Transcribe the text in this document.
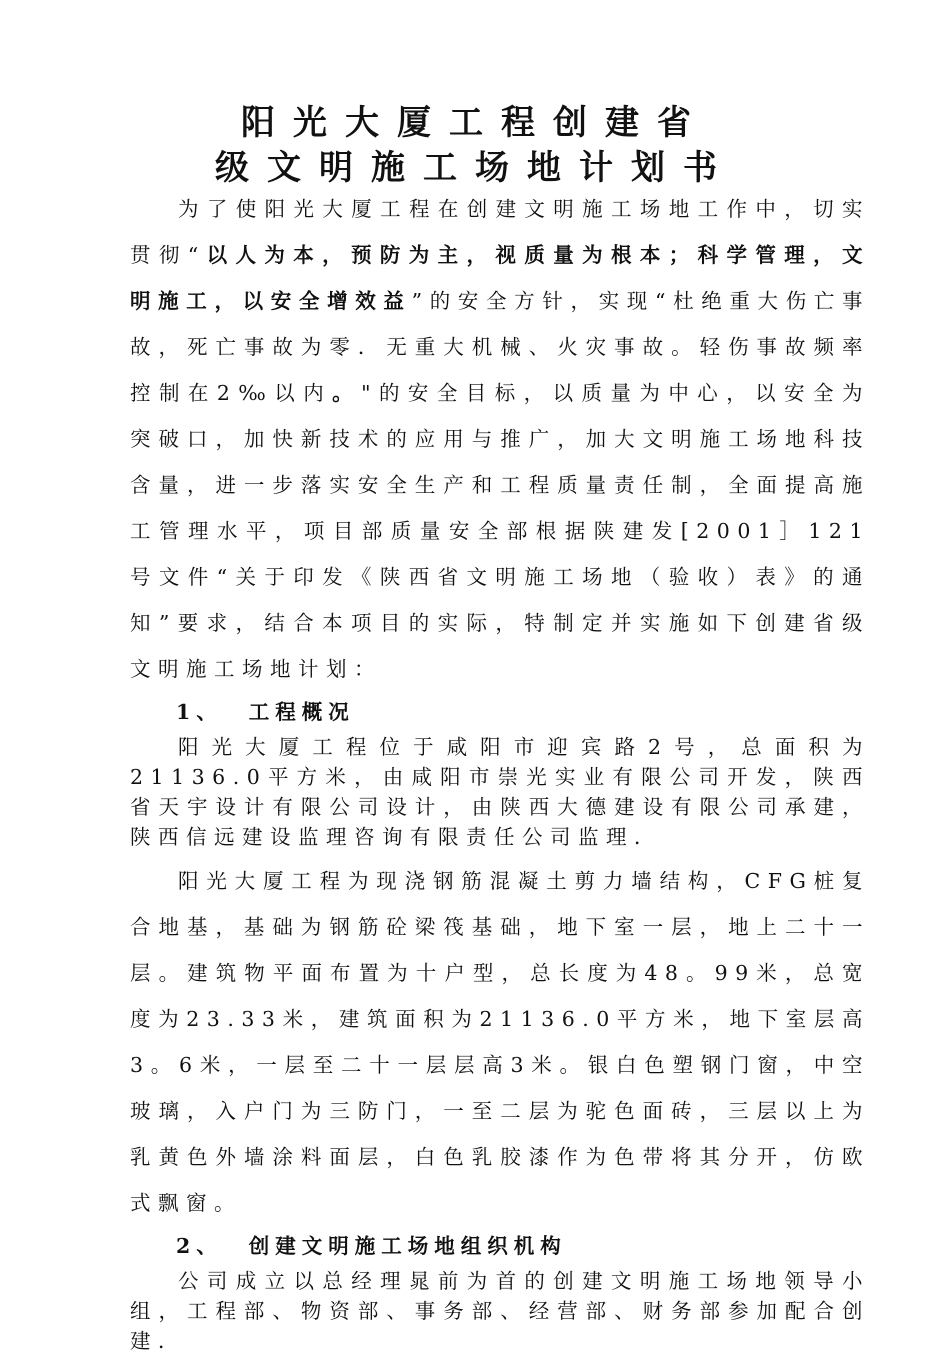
阳光大厦工程创建省
级文明施工场地计划书

为了使阳光大厦工程在创建文明施工场地工作中，切实贯彻“以人为本，预防为主，视质量为根本；科学管理，文明施工，以安全增效益”的安全方针，实现“杜绝重大伤亡事故，死亡事故为零．无重大机械、火灾事故。轻伤事故频率控制在2‰以内。"的安全目标，以质量为中心，以安全为突破口，加快新技术的应用与推广，加大文明施工场地科技含量，进一步落实安全生产和工程质量责任制，全面提高施工管理水平，项目部质量安全部根据陕建发[2001］121号文件“关于印发《陕西省文明施工场地（验收）表》的通知”要求，结合本项目的实际，特制定并实施如下创建省级文明施工场地计划：

1、 工程概况

阳光大厦工程位于咸阳市迎宾路2号，总面积为21136.0平方米，由咸阳市崇光实业有限公司开发，陕西省天宇设计有限公司设计，由陕西大德建设有限公司承建，陕西信远建设监理咨询有限责任公司监理．

阳光大厦工程为现浇钢筋混凝土剪力墙结构，CFG桩复合地基，基础为钢筋砼梁筏基础，地下室一层，地上二十一层。建筑物平面布置为十户型，总长度为48。99米，总宽度为23.33米，建筑面积为21136.0平方米，地下室层高3。6米，一层至二十一层层高3米。银白色塑钢门窗，中空玻璃，入户门为三防门，一至二层为驼色面砖，三层以上为乳黄色外墙涂料面层，白色乳胶漆作为色带将其分开，仿欧式飘窗。

2、 创建文明施工场地组织机构

公司成立以总经理晁前为首的创建文明施工场地领导小组，工程部、物资部、事务部、经营部、财务部参加配合创建．
